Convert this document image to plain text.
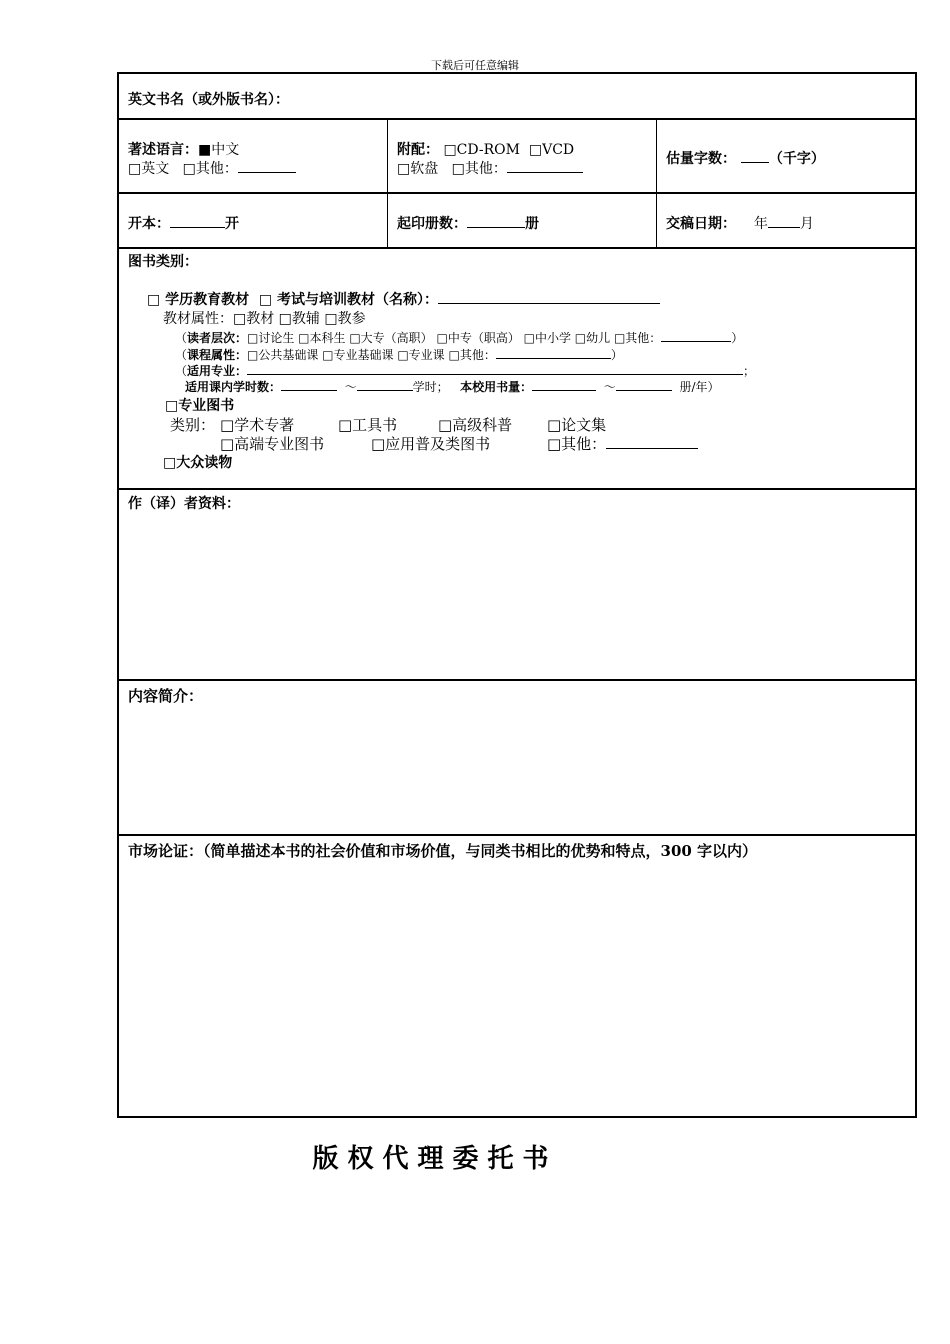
下载后可任意编辑
英文书名（或外版书名）：
著述语言：■中文
□英文 □其他：
附配： □CD-ROM □VCD
□软盘 □其他：
估量字数： （千字）
开本：	开	起印册数：	册	交稿日期： 年 月
图书类别：
□ 学历教育教材 □ 考试与培训教材（名称）：
教材属性：□教材 □教辅 □教参
（读者层次：□讨论生 □本科生 □大专（高职） □中专（职高） □中小学 □幼儿 □其他：	）
（课程属性：□公共基础课 □专业基础课 □专业课 □其他：	）
（适用专业：	；
适用课内学时数：	～	学时； 本校用书量：	～	册/年）
□专业图书
类别： □学术专著	□工具书	□高级科普 □论文集
□高端专业图书	□应用普及类图书	□其他：
□大众读物
作（译）者资料：
内容简介：
市场论证：（简单描述本书的社会价值和市场价值，与同类书相比的优势和特点，300 字以内）
版权代理委托书
